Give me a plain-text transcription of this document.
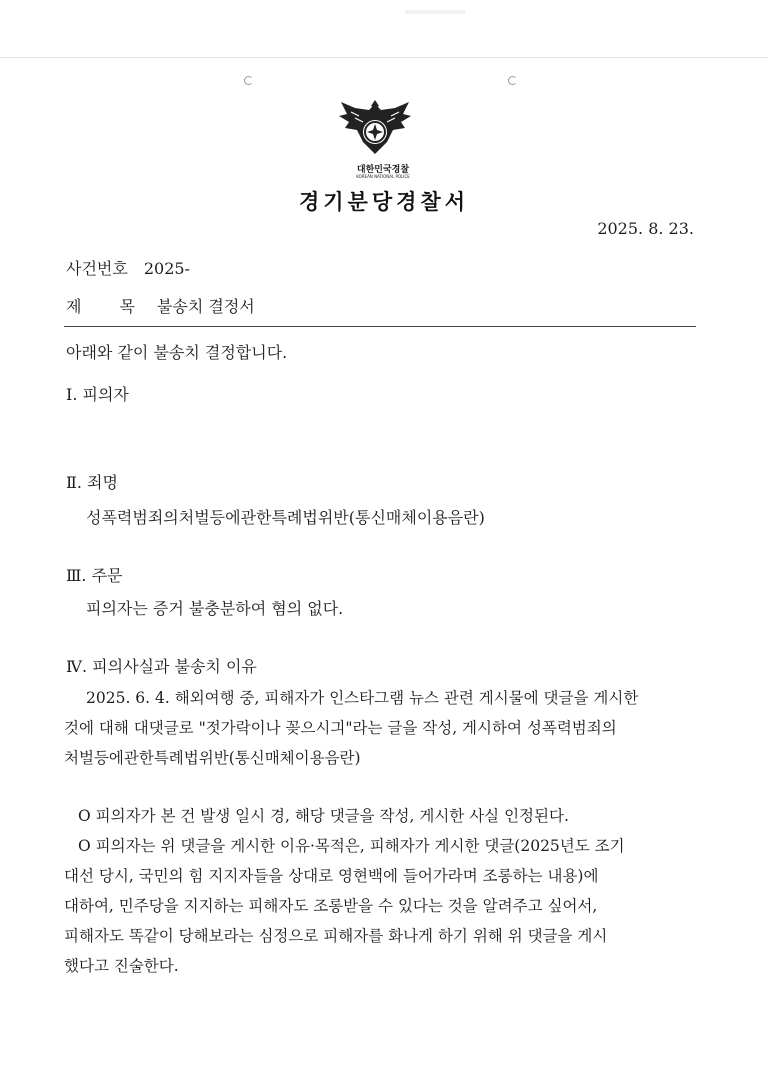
대한민국경찰
KOREAN NATIONAL POLICE
경기분당경찰서
2025. 8. 23.
사건번호 2025-
제 목 불송치 결정서
아래와 같이 불송치 결정합니다.
Ⅰ. 피의자
Ⅱ. 죄명
성폭력범죄의처벌등에관한특례법위반(통신매체이용음란)
Ⅲ. 주문
피의자는 증거 불충분하여 혐의 없다.
Ⅳ. 피의사실과 불송치 이유
2025. 6. 4. 해외여행 중, 피해자가 인스타그램 뉴스 관련 게시물에 댓글을 게시한
것에 대해 대댓글로 "젓가락이나 꽂으시긔"라는 글을 작성, 게시하여 성폭력범죄의
처벌등에관한특례법위반(통신매체이용음란)
O 피의자가 본 건 발생 일시 경, 해당 댓글을 작성, 게시한 사실 인정된다.
O 피의자는 위 댓글을 게시한 이유·목적은, 피해자가 게시한 댓글(2025년도 조기
대선 당시, 국민의 힘 지지자들을 상대로 영현백에 들어가라며 조롱하는 내용)에
대하여, 민주당을 지지하는 피해자도 조롱받을 수 있다는 것을 알려주고 싶어서,
피해자도 똑같이 당해보라는 심정으로 피해자를 화나게 하기 위해 위 댓글을 게시
했다고 진술한다.
